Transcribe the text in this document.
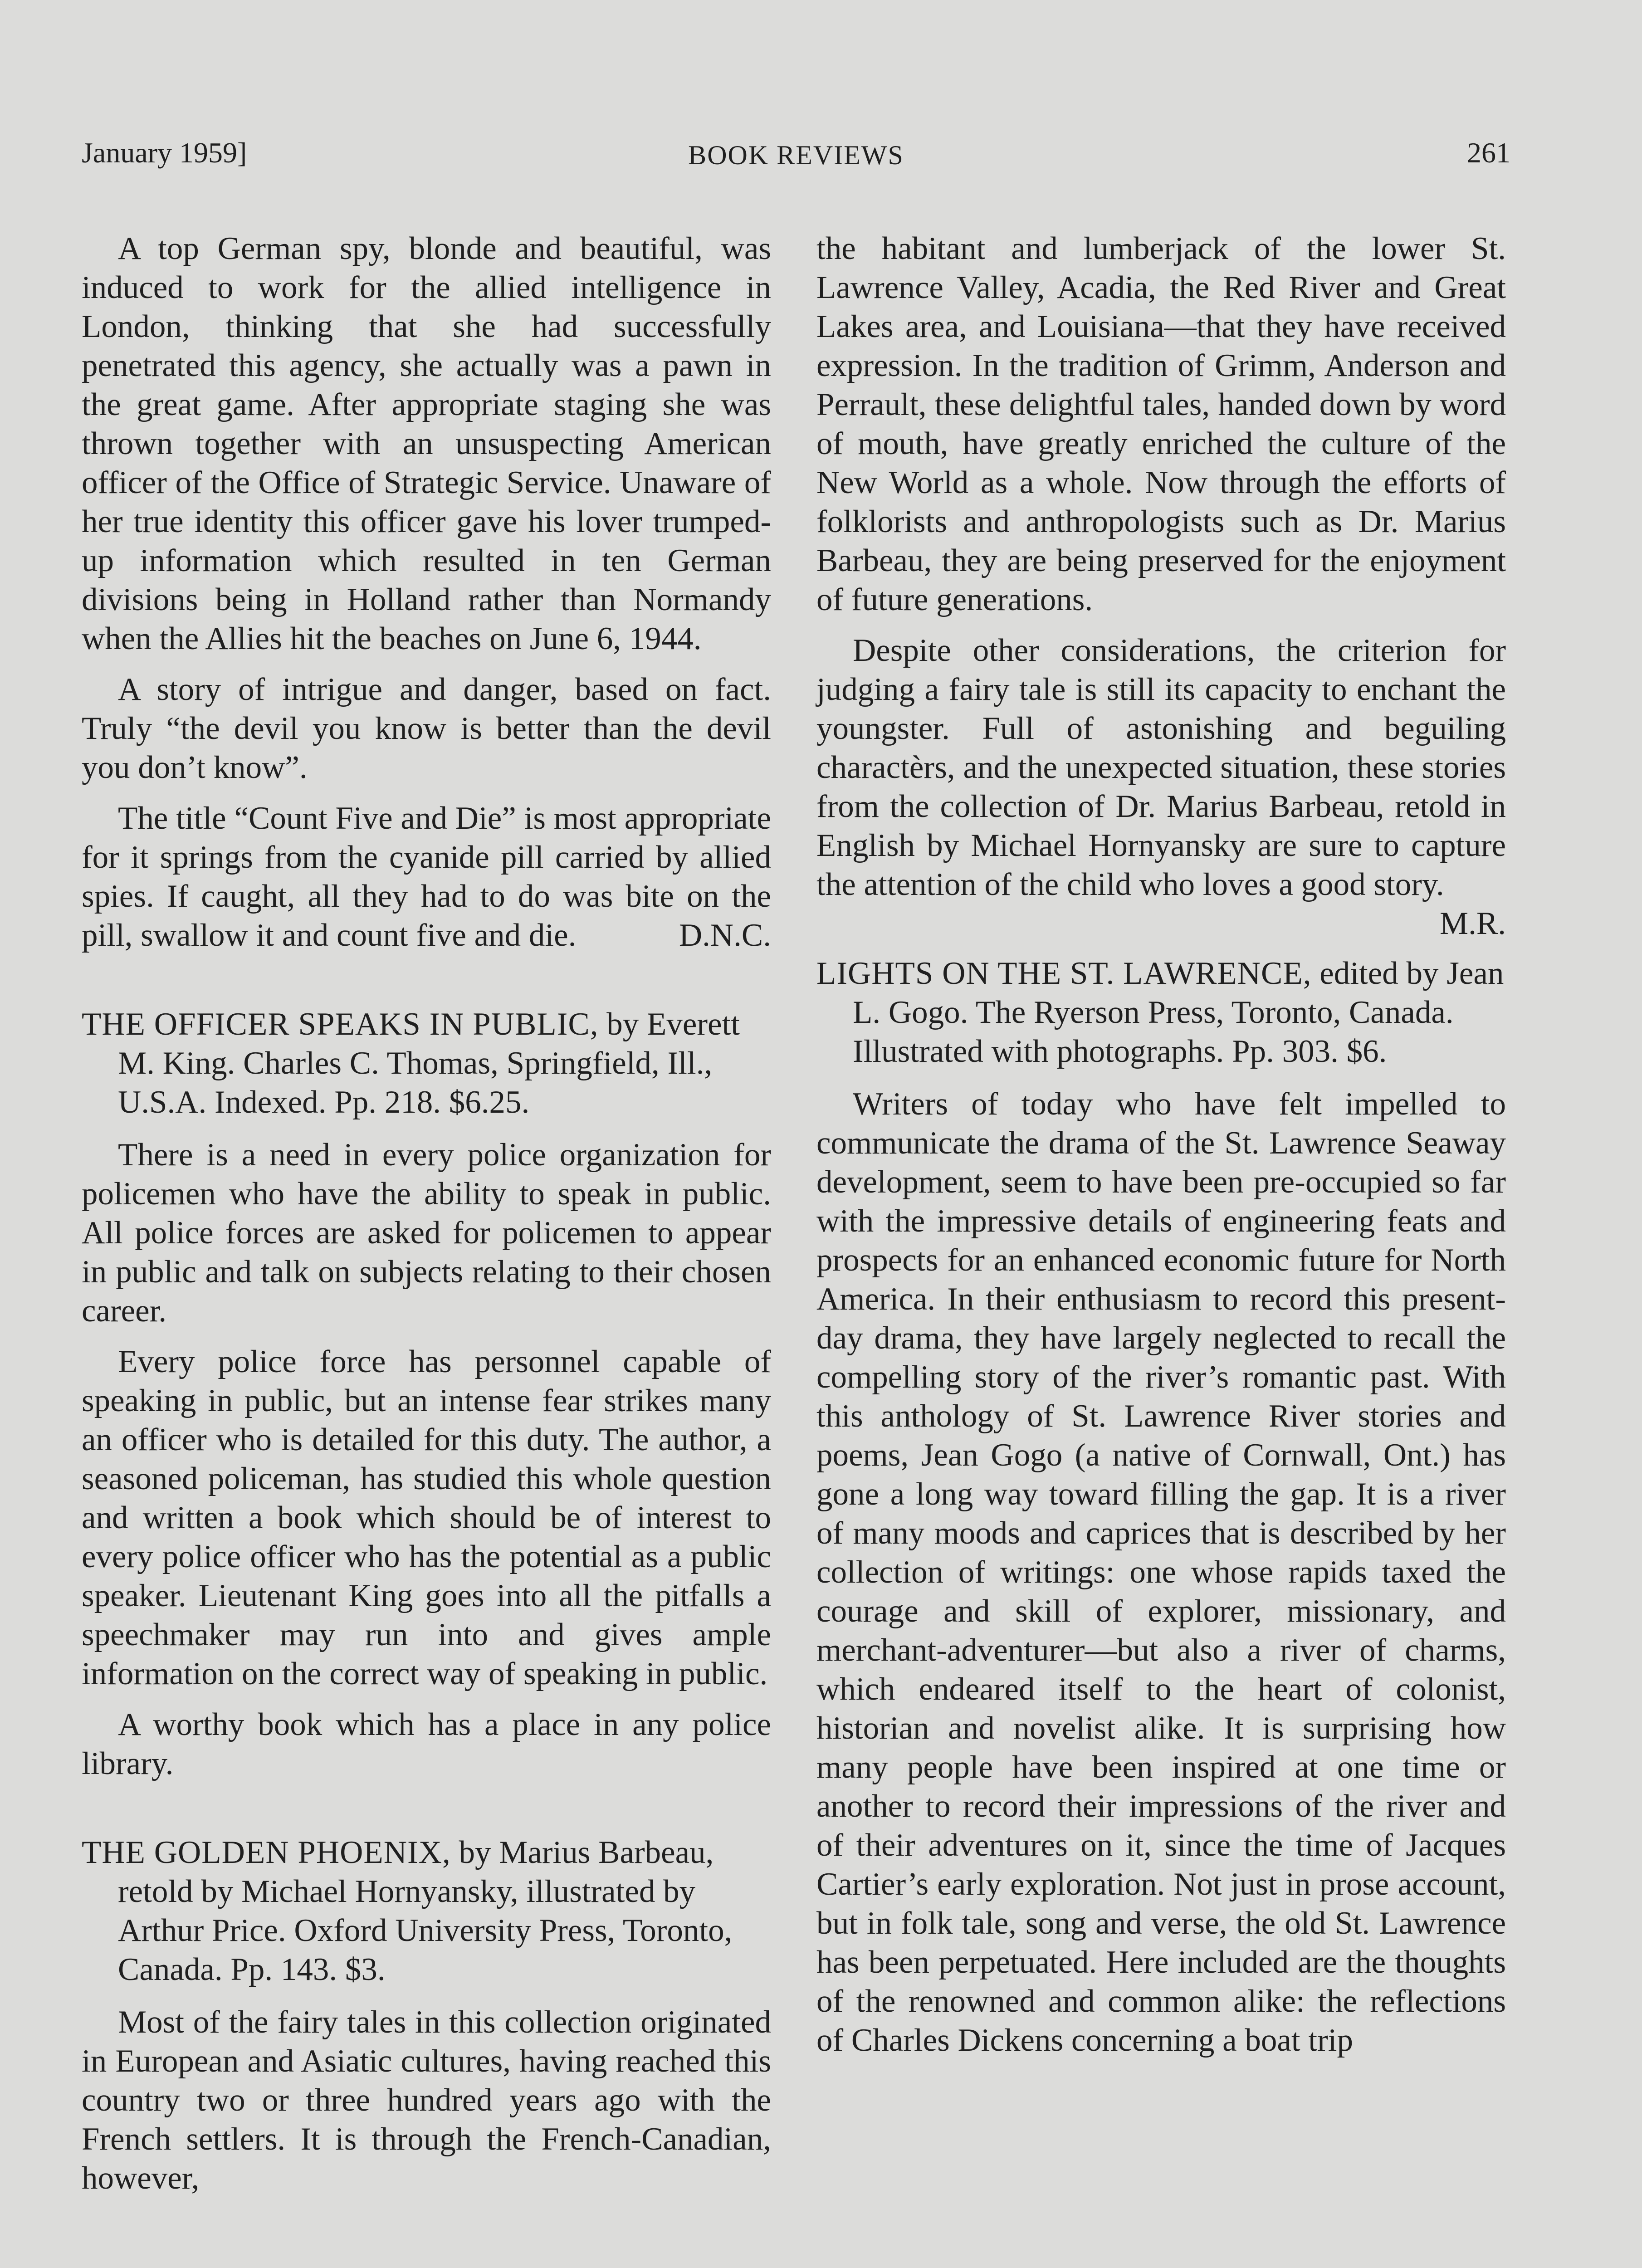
January 1959]	BOOK REVIEWS	261

A top German spy, blonde and beautiful, was induced to work for the allied intelligence in London, thinking that she had successfully penetrated this agency, she actually was a pawn in the great game. After appropriate staging she was thrown together with an unsuspecting American officer of the Office of Strategic Service. Unaware of her true identity this officer gave his lover trumped-up information which resulted in ten German divisions being in Holland rather than Normandy when the Allies hit the beaches on June 6, 1944.

A story of intrigue and danger, based on fact. Truly “the devil you know is better than the devil you don’t know”.

The title “Count Five and Die” is most appropriate for it springs from the cyanide pill carried by allied spies. If caught, all they had to do was bite on the pill, swallow it and count five and die.	D.N.C.

THE OFFICER SPEAKS IN PUBLIC, by Everett M. King. Charles C. Thomas, Springfield, Ill., U.S.A. Indexed. Pp. 218. $6.25.

There is a need in every police organization for policemen who have the ability to speak in public. All police forces are asked for policemen to appear in public and talk on subjects relating to their chosen career.

Every police force has personnel capable of speaking in public, but an intense fear strikes many an officer who is detailed for this duty. The author, a seasoned policeman, has studied this whole question and written a book which should be of interest to every police officer who has the potential as a public speaker. Lieutenant King goes into all the pitfalls a speechmaker may run into and gives ample information on the correct way of speaking in public.

A worthy book which has a place in any police library.

THE GOLDEN PHOENIX, by Marius Barbeau, retold by Michael Hornyansky, illustrated by Arthur Price. Oxford University Press, Toronto, Canada. Pp. 143. $3.

Most of the fairy tales in this collection originated in European and Asiatic cultures, having reached this country two or three hundred years ago with the French settlers. It is through the French-Canadian, however,

the habitant and lumberjack of the lower St. Lawrence Valley, Acadia, the Red River and Great Lakes area, and Louisiana—that they have received expression. In the tradition of Grimm, Anderson and Perrault, these delightful tales, handed down by word of mouth, have greatly enriched the culture of the New World as a whole. Now through the efforts of folklorists and anthropologists such as Dr. Marius Barbeau, they are being preserved for the enjoyment of future generations.

Despite other considerations, the criterion for judging a fairy tale is still its capacity to enchant the youngster. Full of astonishing and beguiling charactèrs, and the unexpected situation, these stories from the collection of Dr. Marius Barbeau, retold in English by Michael Hornyansky are sure to capture the attention of the child who loves a good story.
M.R.

LIGHTS ON THE ST. LAWRENCE, edited by Jean L. Gogo. The Ryerson Press, Toronto, Canada. Illustrated with photographs. Pp. 303. $6.

Writers of today who have felt impelled to communicate the drama of the St. Lawrence Seaway development, seem to have been pre-occupied so far with the impressive details of engineering feats and prospects for an enhanced economic future for North America. In their enthusiasm to record this present-day drama, they have largely neglected to recall the compelling story of the river’s romantic past. With this anthology of St. Lawrence River stories and poems, Jean Gogo (a native of Cornwall, Ont.) has gone a long way toward filling the gap. It is a river of many moods and caprices that is described by her collection of writings: one whose rapids taxed the courage and skill of explorer, missionary, and merchant-adventurer—but also a river of charms, which endeared itself to the heart of colonist, historian and novelist alike. It is surprising how many people have been inspired at one time or another to record their impressions of the river and of their adventures on it, since the time of Jacques Cartier’s early exploration. Not just in prose account, but in folk tale, song and verse, the old St. Lawrence has been perpetuated. Here included are the thoughts of the renowned and common alike: the reflections of Charles Dickens concerning a boat trip
